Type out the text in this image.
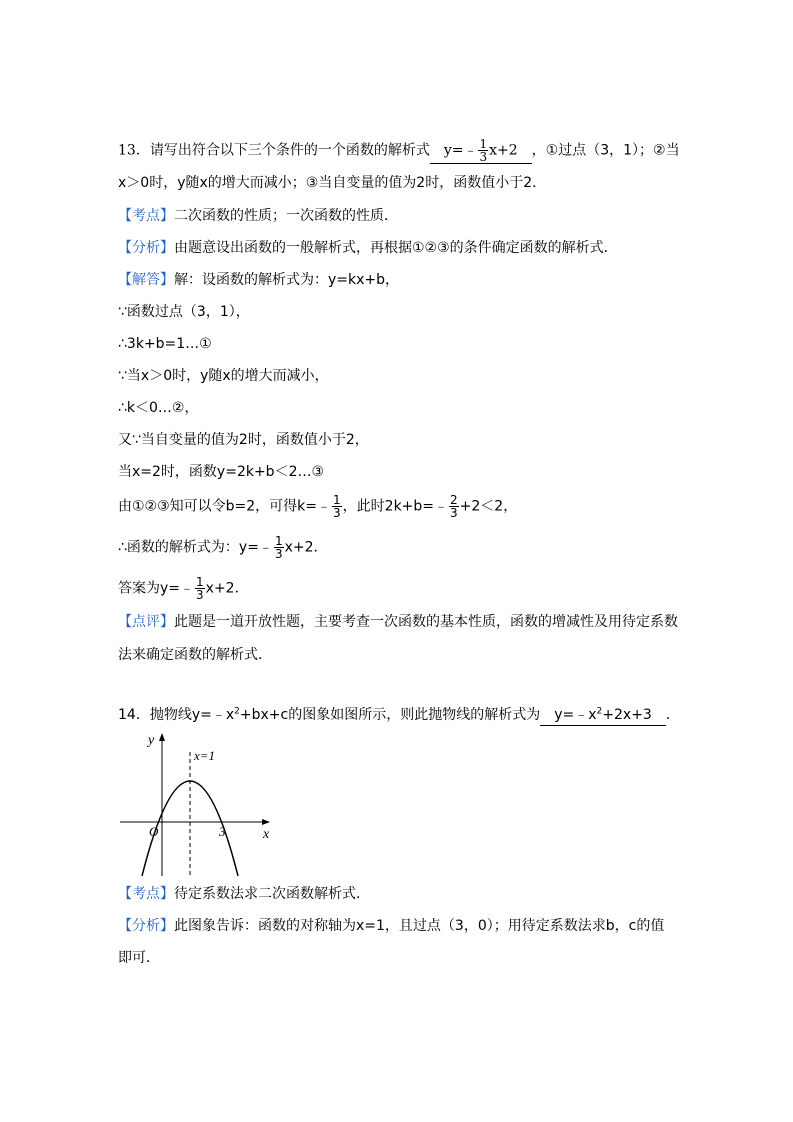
13．请写出符合以下三个条件的一个函数的解析式 y=﹣ $\frac{1}{3} x+2$ ，①过点（3，1）；②当
x＞0时，y随x的增大而减小；③当自变量的值为2时，函数值小于2．
【考点】二次函数的性质；一次函数的性质．
【分析】由题意设出函数的一般解析式，再根据①②③的条件确定函数的解析式．
【解答】解：设函数的解析式为：y=kx+b，
∵函数过点（3，1），
∴3k+b=1…①
∵当x＞0时，y随x的增大而减小，
∴k＜0…②，
又∵当自变量的值为2时，函数值小于2，
当x=2时，函数y=2k+b＜2…③
由①②③知可以令b=2，可得k=﹣ $\frac{1}{3}$ ，此时2k+b=﹣ $\frac{2}{3} +2<2$，
∴函数的解析式为：y=﹣ $\frac{1}{3} x+2$．
答案为y=﹣ $\frac{1}{3} x+2$．
【点评】此题是一道开放性题，主要考查一次函数的基本性质，函数的增减性及用待定系数
法来确定函数的解析式．
14．抛物线$y=﹣x^2+bx+c$的图象如图所示，则此抛物线的解析式为 $y=﹣x^2+2x+3$ ．
y
x
O
x=1
3
【考点】待定系数法求二次函数解析式．
【分析】此图象告诉：函数的对称轴为x=1，且过点（3，0）；用待定系数法求b，c的值
即可．
